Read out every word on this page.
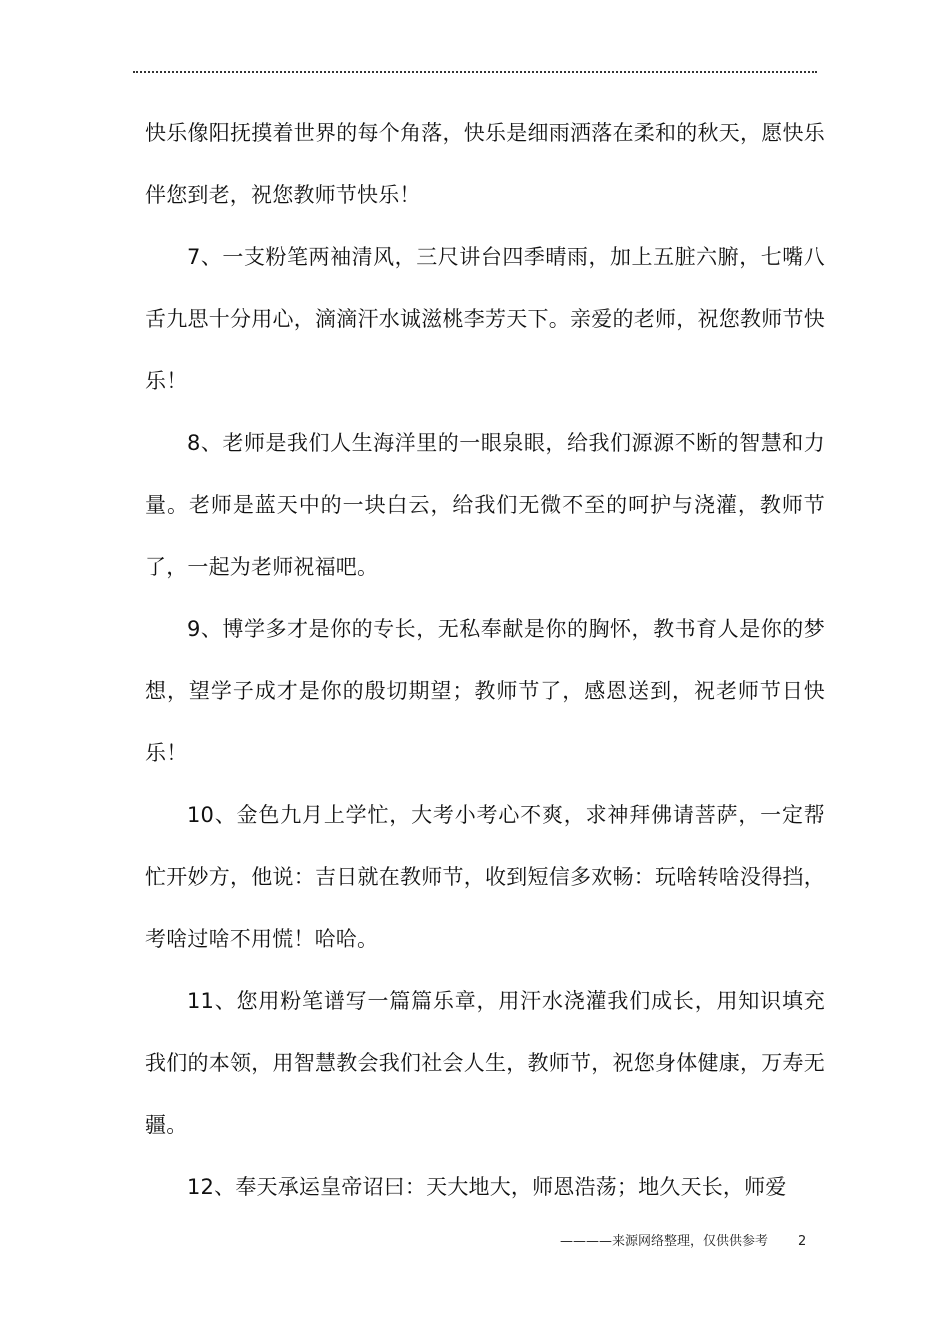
快乐像阳抚摸着世界的每个角落，快乐是细雨洒落在柔和的秋天，愿快乐伴您到老，祝您教师节快乐！

7、一支粉笔两袖清风，三尺讲台四季晴雨，加上五脏六腑，七嘴八舌九思十分用心，滴滴汗水诚滋桃李芳天下。亲爱的老师，祝您教师节快乐！

8、老师是我们人生海洋里的一眼泉眼，给我们源源不断的智慧和力量。老师是蓝天中的一块白云，给我们无微不至的呵护与浇灌，教师节了，一起为老师祝福吧。

9、博学多才是你的专长，无私奉献是你的胸怀，教书育人是你的梦想，望学子成才是你的殷切期望；教师节了，感恩送到，祝老师节日快乐！

10、金色九月上学忙，大考小考心不爽，求神拜佛请菩萨，一定帮忙开妙方，他说：吉日就在教师节，收到短信多欢畅：玩啥转啥没得挡，考啥过啥不用慌！哈哈。

11、您用粉笔谱写一篇篇乐章，用汗水浇灌我们成长，用知识填充我们的本领，用智慧教会我们社会人生，教师节，祝您身体健康，万寿无疆。

12、奉天承运皇帝诏曰：天大地大，师恩浩荡；地久天长，师爱

————来源网络整理，仅供供参考 2
